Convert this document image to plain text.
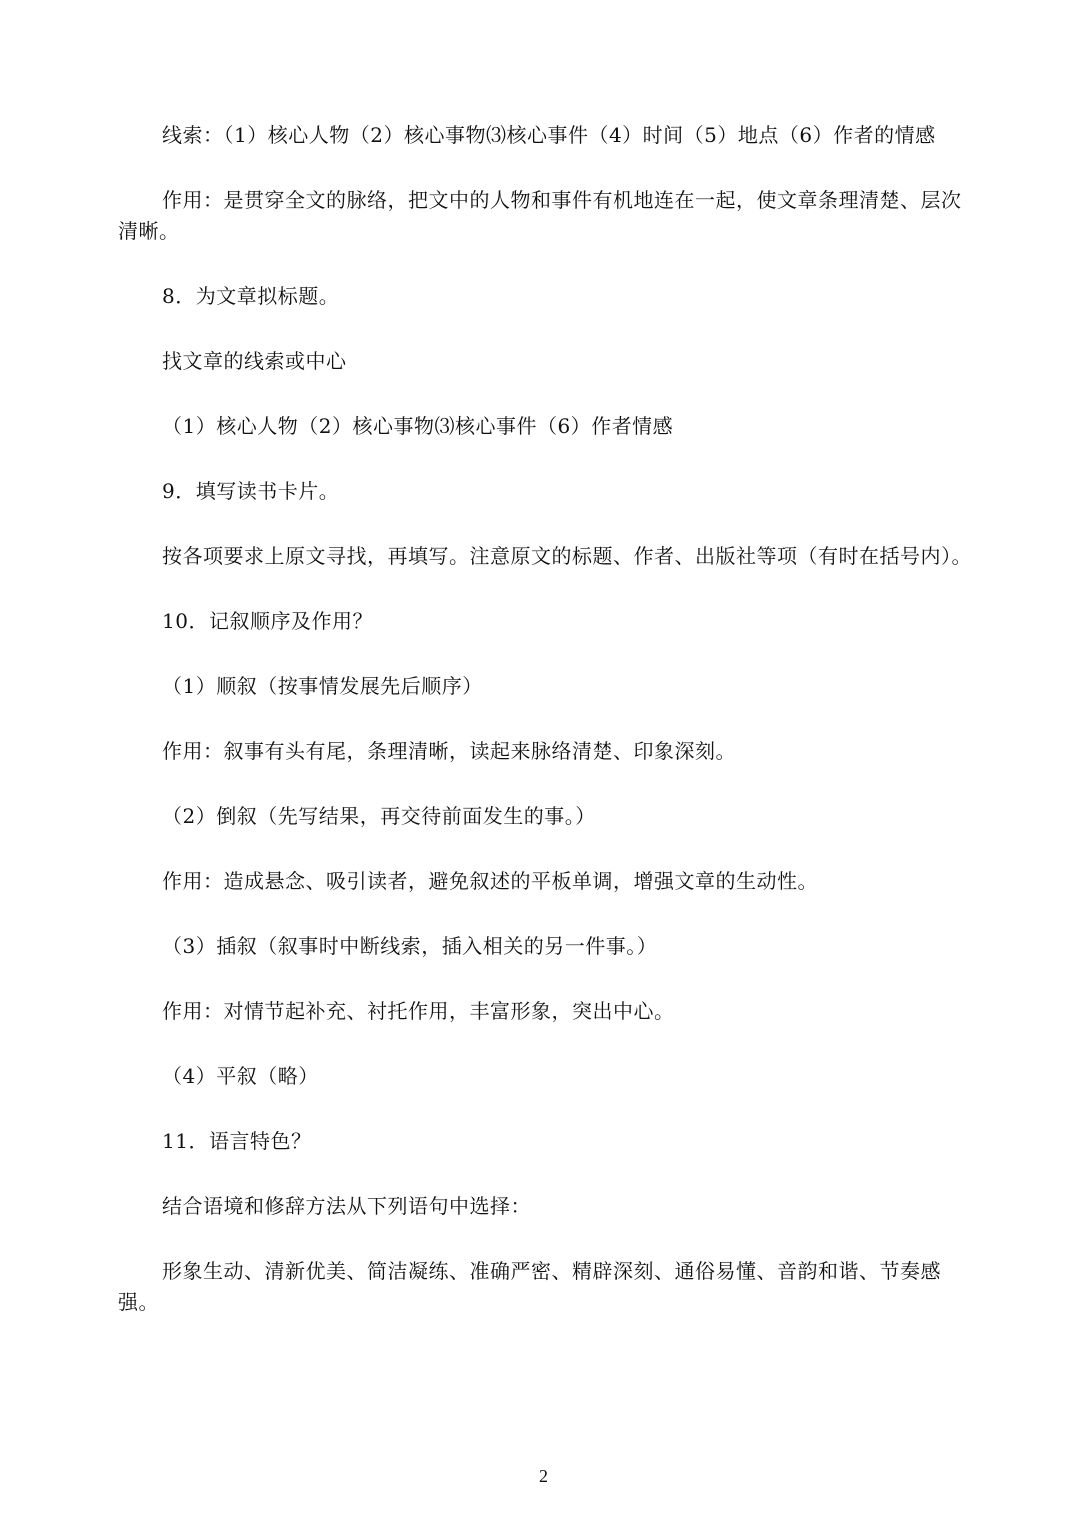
线索：（1）核心人物（2）核心事物⑶核心事件（4）时间（5）地点（6）作者的情感

作用：是贯穿全文的脉络，把文中的人物和事件有机地连在一起，使文章条理清楚、层次清晰。

8．为文章拟标题。

找文章的线索或中心

（1）核心人物（2）核心事物⑶核心事件（6）作者情感

9．填写读书卡片。

按各项要求上原文寻找，再填写。注意原文的标题、作者、出版社等项（有时在括号内）。

10．记叙顺序及作用？

（1）顺叙（按事情发展先后顺序）

作用：叙事有头有尾，条理清晰，读起来脉络清楚、印象深刻。

（2）倒叙（先写结果，再交待前面发生的事。）

作用：造成悬念、吸引读者，避免叙述的平板单调，增强文章的生动性。

（3）插叙（叙事时中断线索，插入相关的另一件事。）

作用：对情节起补充、衬托作用，丰富形象，突出中心。

（4）平叙（略）

11．语言特色？

结合语境和修辞方法从下列语句中选择：

形象生动、清新优美、简洁凝练、准确严密、精辟深刻、通俗易懂、音韵和谐、节奏感强。

2
